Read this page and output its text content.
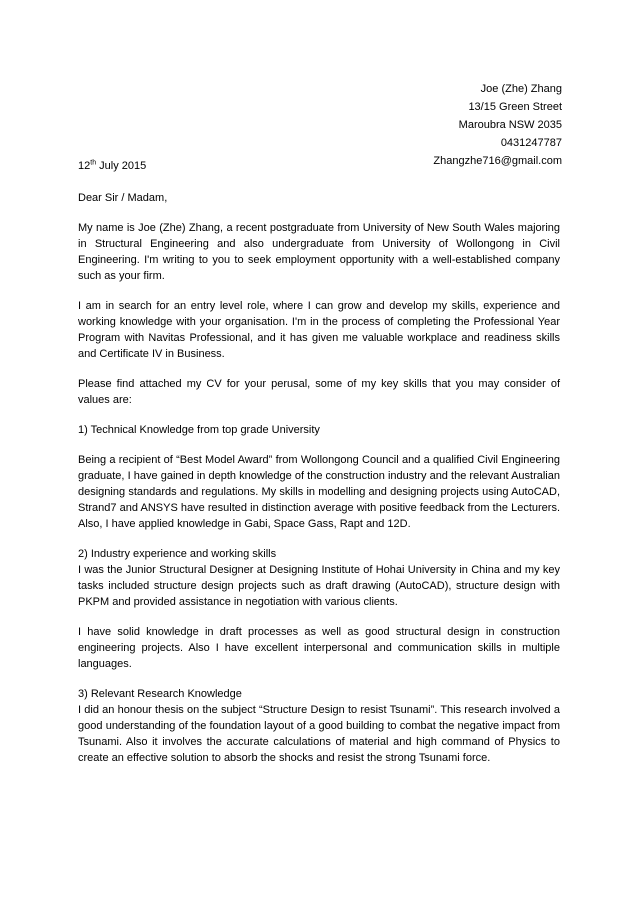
Joe (Zhe) Zhang
13/15 Green Street
Maroubra NSW 2035
0431247787
Zhangzhe716@gmail.com
12th July 2015
Dear Sir / Madam,

My name is Joe (Zhe) Zhang, a recent postgraduate from University of New South Wales majoring in Structural Engineering and also undergraduate from University of Wollongong in Civil Engineering. I'm writing to you to seek employment opportunity with a well-established company such as your firm.

I am in search for an entry level role, where I can grow and develop my skills, experience and working knowledge with your organisation. I'm in the process of completing the Professional Year Program with Navitas Professional, and it has given me valuable workplace and readiness skills and Certificate IV in Business.

Please find attached my CV for your perusal, some of my key skills that you may consider of values are:

1) Technical Knowledge from top grade University

Being a recipient of “Best Model Award” from Wollongong Council and a qualified Civil Engineering graduate, I have gained in depth knowledge of the construction industry and the relevant Australian designing standards and regulations. My skills in modelling and designing projects using AutoCAD, Strand7 and ANSYS have resulted in distinction average with positive feedback from the Lecturers. Also, I have applied knowledge in Gabi, Space Gass, Rapt and 12D.

2) Industry experience and working skills

I was the Junior Structural Designer at Designing Institute of Hohai University in China and my key tasks included structure design projects such as draft drawing (AutoCAD), structure design with PKPM and provided assistance in negotiation with various clients.

I have solid knowledge in draft processes as well as good structural design in construction engineering projects. Also I have excellent interpersonal and communication skills in multiple languages.

3) Relevant Research Knowledge

I did an honour thesis on the subject “Structure Design to resist Tsunami”. This research involved a good understanding of the foundation layout of a good building to combat the negative impact from Tsunami. Also it involves the accurate calculations of material and high command of Physics to create an effective solution to absorb the shocks and resist the strong Tsunami force.
